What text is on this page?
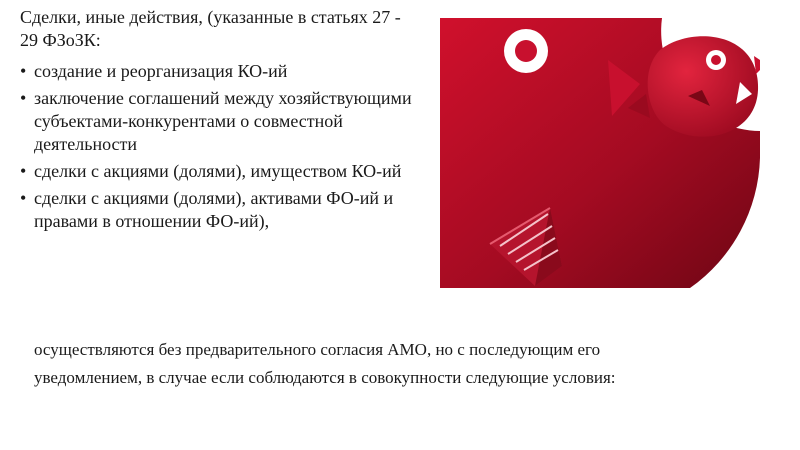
Сделки, иные действия, (указанные в статьях 27 - 29 ФЗоЗК:

• создание и реорганизация КО-ий
• заключение соглашений между хозяйствующими субъектами-конкурентами о совместной деятельности
• сделки с акциями (долями), имуществом КО-ий
• сделки с акциями (долями), активами ФО-ий и правами в отношении ФО-ий),

осуществляются без предварительного согласия АМО, но с последующим его
уведомлением, в случае если соблюдаются в совокупности следующие условия:
